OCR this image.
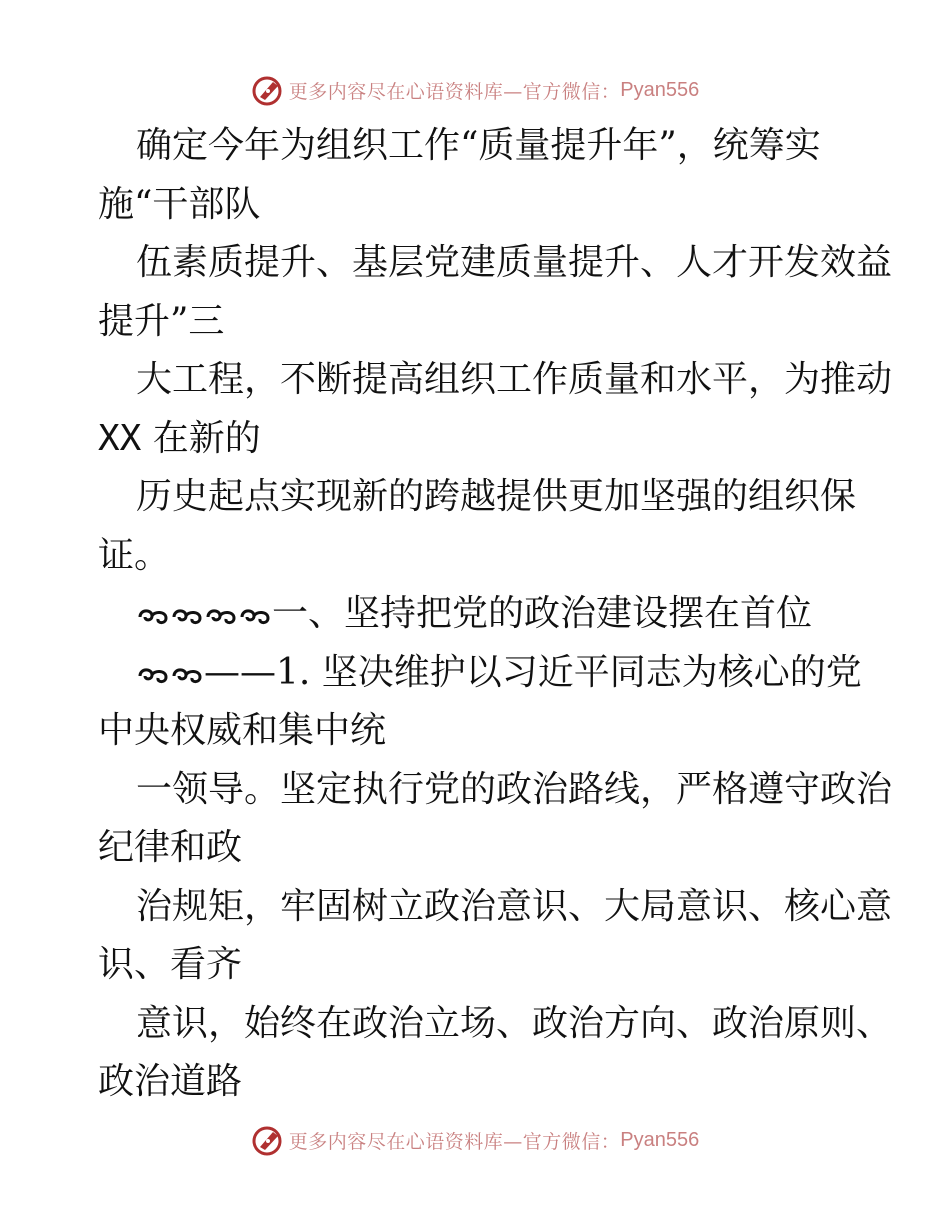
更多内容尽在心语资料库—官方微信： Pyan556
确定今年为组织工作“质量提升年”，统筹实
施“干部队
伍素质提升、基层党建质量提升、人才开发效益
提升”三
大工程，不断提高组织工作质量和水平，为推动
XX 在新的
历史起点实现新的跨越提供更加坚强的组织保
证。
一、坚持把党的政治建设摆在首位
——1. 坚决维护以习近平同志为核心的党
中央权威和集中统
一领导。坚定执行党的政治路线，严格遵守政治
纪律和政
治规矩，牢固树立政治意识、大局意识、核心意
识、看齐
意识，始终在政治立场、政治方向、政治原则、
政治道路
更多内容尽在心语资料库—官方微信： Pyan556
